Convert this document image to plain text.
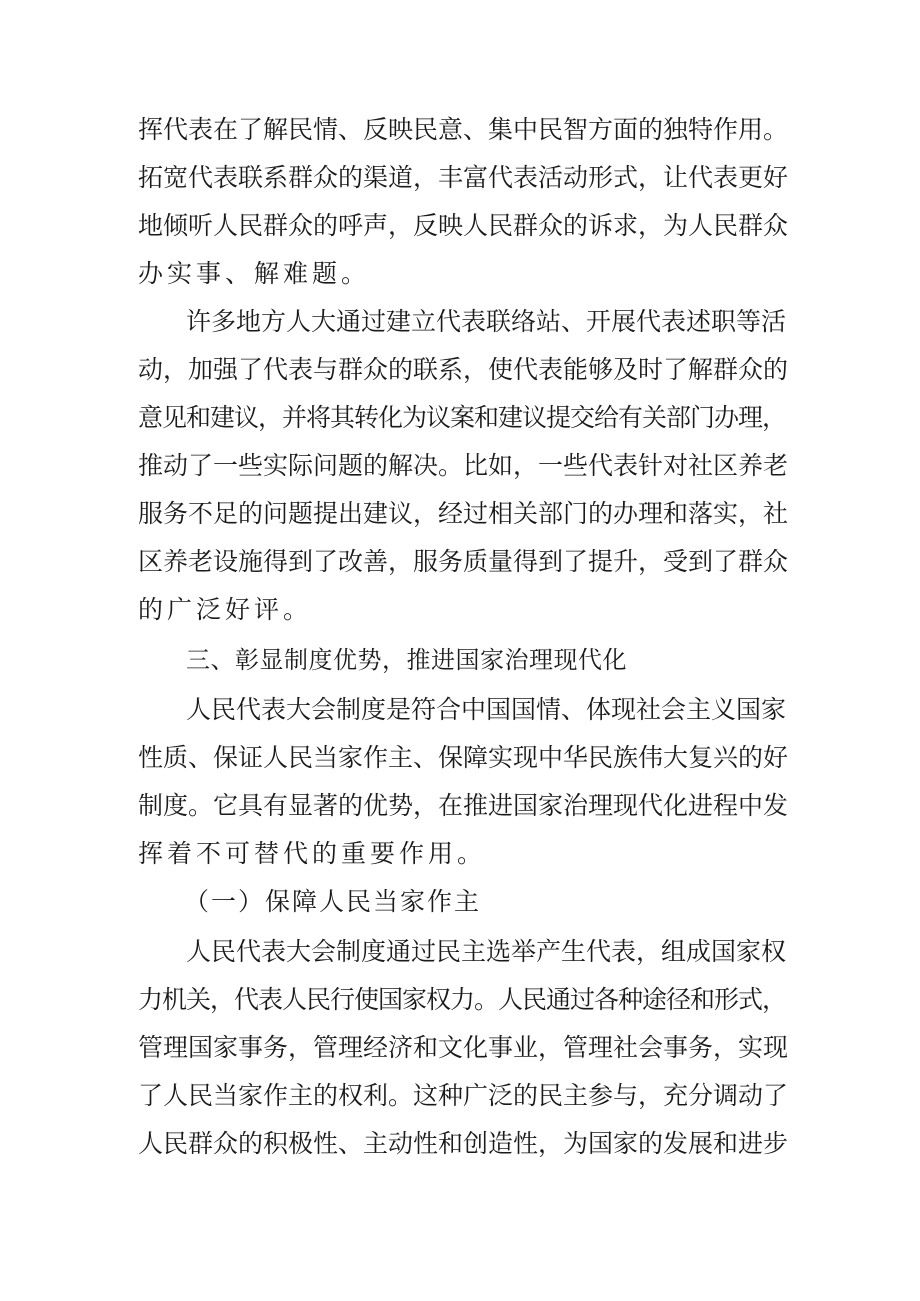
挥代表在了解民情、反映民意、集中民智方面的独特作用。

拓宽代表联系群众的渠道，丰富代表活动形式，让代表更好

地倾听人民群众的呼声，反映人民群众的诉求，为人民群众

办实事、解难题。

许多地方人大通过建立代表联络站、开展代表述职等活

动，加强了代表与群众的联系，使代表能够及时了解群众的

意见和建议，并将其转化为议案和建议提交给有关部门办理，

推动了一些实际问题的解决。比如，一些代表针对社区养老

服务不足的问题提出建议，经过相关部门的办理和落实，社

区养老设施得到了改善，服务质量得到了提升，受到了群众

的广泛好评。

三、彰显制度优势，推进国家治理现代化

人民代表大会制度是符合中国国情、体现社会主义国家

性质、保证人民当家作主、保障实现中华民族伟大复兴的好

制度。它具有显著的优势，在推进国家治理现代化进程中发

挥着不可替代的重要作用。

（一）保障人民当家作主

人民代表大会制度通过民主选举产生代表，组成国家权

力机关，代表人民行使国家权力。人民通过各种途径和形式，

管理国家事务，管理经济和文化事业，管理社会事务，实现

了人民当家作主的权利。这种广泛的民主参与，充分调动了

人民群众的积极性、主动性和创造性，为国家的发展和进步
